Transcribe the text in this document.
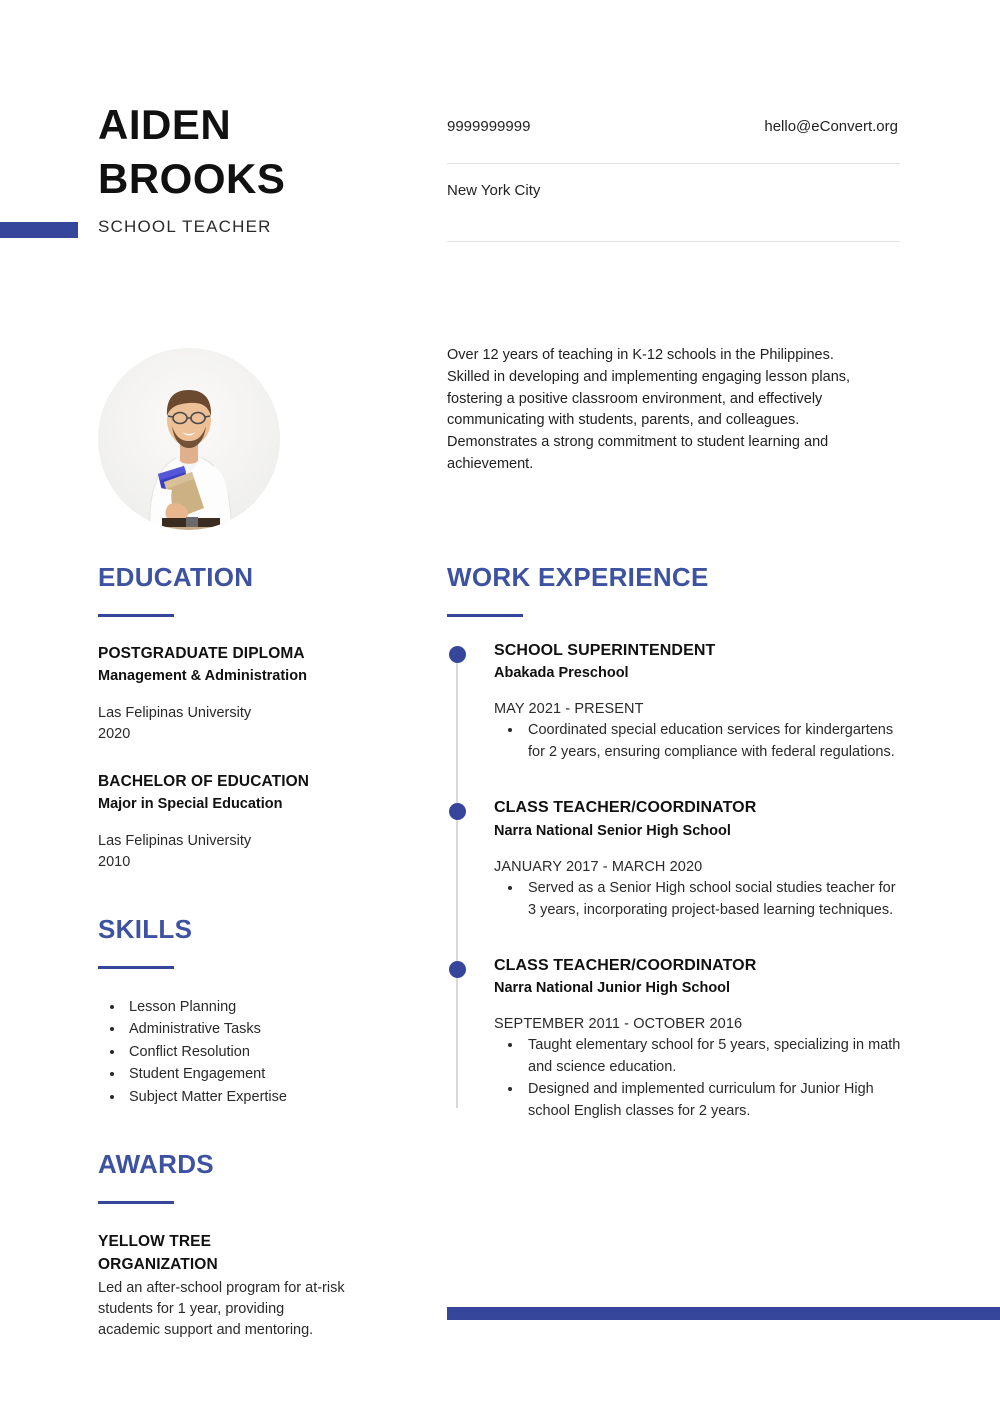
AIDEN
BROOKS
SCHOOL TEACHER
9999999999	hello@eConvert.org
New York City
Over 12 years of teaching in K-12 schools in the Philippines. Skilled in developing and implementing engaging lesson plans, fostering a positive classroom environment, and effectively communicating with students, parents, and colleagues. Demonstrates a strong commitment to student learning and achievement.
EDUCATION
POSTGRADUATE DIPLOMA
Management & Administration
Las Felipinas University
2020
BACHELOR OF EDUCATION
Major in Special Education
Las Felipinas University
2010
SKILLS
• Lesson Planning
• Administrative Tasks
• Conflict Resolution
• Student Engagement
• Subject Matter Expertise
AWARDS
YELLOW TREE ORGANIZATION
Led an after-school program for at-risk students for 1 year, providing academic support and mentoring.
WORK EXPERIENCE
SCHOOL SUPERINTENDENT
Abakada Preschool
MAY 2021 - PRESENT
• Coordinated special education services for kindergartens for 2 years, ensuring compliance with federal regulations.
CLASS TEACHER/COORDINATOR
Narra National Senior High School
JANUARY 2017 - MARCH 2020
• Served as a Senior High school social studies teacher for 3 years, incorporating project-based learning techniques.
CLASS TEACHER/COORDINATOR
Narra National Junior High School
SEPTEMBER 2011 - OCTOBER 2016
• Taught elementary school for 5 years, specializing in math and science education.
• Designed and implemented curriculum for Junior High school English classes for 2 years.
